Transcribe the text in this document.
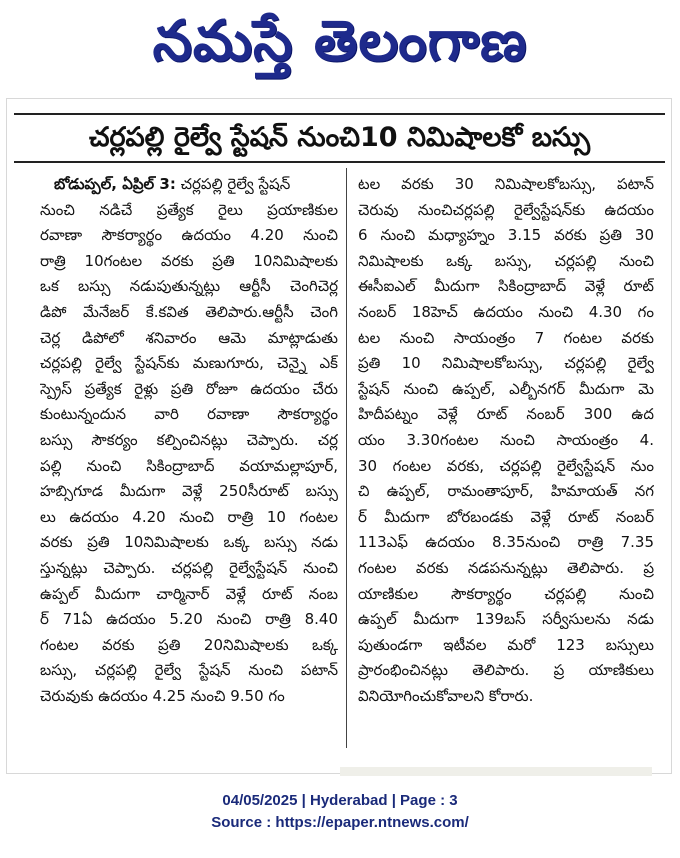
నమస్తే తెలంగాణ
చర్లపల్లి రైల్వే స్టేషన్ నుంచి10 నిమిషాలకో బస్సు
బోడుప్పల్, ఏప్రిల్ 3: చర్లపల్లి రైల్వే స్టేషన్
నుంచి నడిచే ప్రత్యేక రైలు ప్రయాణికుల
రవాణా సౌకర్యార్థం ఉదయం 4.20 నుంచి
రాత్రి 10గంటల వరకు ప్రతి 10నిమిషాలకు
ఒక బస్సు నడుపుతున్నట్లు ఆర్టీసీ చెంగిచెర్ల
డిపో మేనేజర్ కే.కవిత తెలిపారు.ఆర్టీసీ చెంగి
చెర్ల డిపోలో శనివారం ఆమె మాట్లాడుతు
చర్లపల్లి రైల్వే స్టేషన్‌కు మణుగూరు, చెన్నై ఎక్
స్ప్రెస్ ప్రత్యేక రైళ్లు ప్రతి రోజూ ఉదయం చేరు
కుంటున్నందున వారి రవాణా సౌకర్యార్థం
బస్సు సౌకర్యం కల్పించినట్లు చెప్పారు. చర్ల
పల్లి నుంచి సికింద్రాబాద్ వయామల్లాపూర్,
హబ్సిగూడ మీదుగా వెళ్లే 250సీరూట్ బస్సు
లు ఉదయం 4.20 నుంచి రాత్రి 10 గంటల
వరకు ప్రతి 10నిమిషాలకు ఒక్క బస్సు నడు
స్తున్నట్లు చెప్పారు. చర్లపల్లి రైల్వేస్టేషన్ నుంచి
ఉప్పల్ మీదుగా చార్మినార్ వెళ్లే రూట్ నంబ
ర్ 71ఏ ఉదయం 5.20 నుంచి రాత్రి 8.40
గంటల వరకు ప్రతి 20నిమిషాలకు ఒక్క
బస్సు, చర్లపల్లి రైల్వే స్టేషన్ నుంచి పటాన్
చెరువుకు ఉదయం 4.25 నుంచి 9.50 గం
టల వరకు 30 నిమిషాలకోబస్సు, పటాన్
చెరువు నుంచిచర్లపల్లి రైల్వేస్టేషన్‌కు ఉదయం
6 నుంచి మధ్యాహ్నం 3.15 వరకు ప్రతి 30
నిమిషాలకు ఒక్క బస్సు, చర్లపల్లి నుంచి
ఈసీఐఎల్ మీదుగా సికింద్రాబాద్ వెళ్లే రూట్
నంబర్ 18హెచ్ ఉదయం నుంచి 4.30 గం
టల నుంచి సాయంత్రం 7 గంటల వరకు
ప్రతి 10 నిమిషాలకోబస్సు, చర్లపల్లి రైల్వే
స్టేషన్ నుంచి ఉప్పల్, ఎల్బీనగర్ మీదుగా మె
హిదీపట్నం వెళ్లే రూట్ నంబర్ 300 ఉద
యం 3.30గంటల నుంచి సాయంత్రం 4.
30 గంటల వరకు, చర్లపల్లి రైల్వేస్టేషన్ నుం
చి ఉప్పల్, రామంతాపూర్, హిమాయత్ నగ
ర్ మీదుగా బోరబండకు వెళ్లే రూట్ నంబర్
113ఎఫ్ ఉదయం 8.35నుంచి రాత్రి 7.35
గంటల వరకు నడపనున్నట్లు తెలిపారు. ప్ర
యాణికుల సౌకర్యార్థం చర్లపల్లి నుంచి
ఉప్పల్ మీదుగా 139బస్ సర్వీసులను నడు
పుతుండగా ఇటీవల మరో 123 బస్సులు
ప్రారంభించినట్లు తెలిపారు. ప్ర యాణికులు
వినియోగించుకోవాలని కోరారు.
04/05/2025 | Hyderabad | Page : 3
Source : https://epaper.ntnews.com/
